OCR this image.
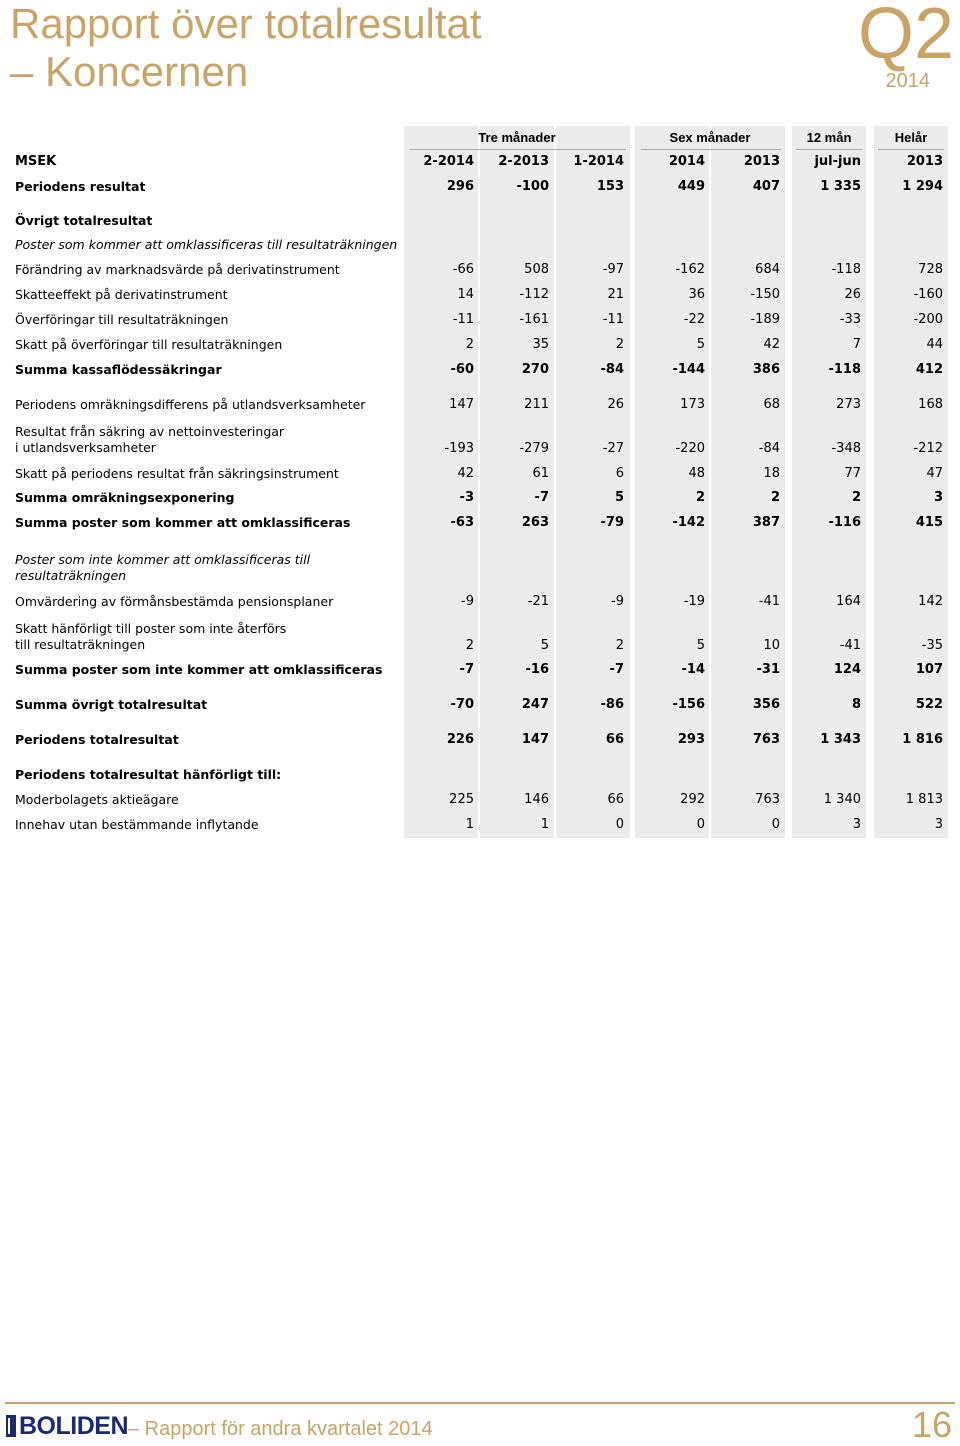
Rapport över totalresultat
– Koncernen	Q2
2014
Tre månader	Sex månader	12 mån	Helår
MSEK	2-2014	2-2013	1-2014	2014	2013	jul-jun	2013
Periodens resultat	296	-100	153	449	407	1 335	1 294
Övrigt totalresultat
Poster som kommer att omklassificeras till resultaträkningen
Förändring av marknadsvärde på derivatinstrument	-66	508	-97	-162	684	-118	728
Skatteeffekt på derivatinstrument	14	-112	21	36	-150	26	-160
Överföringar till resultaträkningen	-11	-161	-11	-22	-189	-33	-200
Skatt på överföringar till resultaträkningen	2	35	2	5	42	7	44
Summa kassaflödessäkringar	-60	270	-84	-144	386	-118	412
Periodens omräkningsdifferens på utlandsverksamheter	147	211	26	173	68	273	168
Resultat från säkring av nettoinvesteringar i utlandsverksamheter	-193	-279	-27	-220	-84	-348	-212
Skatt på periodens resultat från säkringsinstrument	42	61	6	48	18	77	47
Summa omräkningsexponering	-3	-7	5	2	2	2	3
Summa poster som kommer att omklassificeras	-63	263	-79	-142	387	-116	415
Poster som inte kommer att omklassificeras till resultaträkningen
Omvärdering av förmånsbestämda pensionsplaner	-9	-21	-9	-19	-41	164	142
Skatt hänförligt till poster som inte återförs till resultaträkningen	2	5	2	5	10	-41	-35
Summa poster som inte kommer att omklassificeras	-7	-16	-7	-14	-31	124	107
Summa övrigt totalresultat	-70	247	-86	-156	356	8	522
Periodens totalresultat	226	147	66	293	763	1 343	1 816
Periodens totalresultat hänförligt till:
Moderbolagets aktieägare	225	146	66	292	763	1 340	1 813
Innehav utan bestämmande inflytande	1	1	0	0	0	3	3
BOLIDEN – Rapport för andra kvartalet 2014	16
